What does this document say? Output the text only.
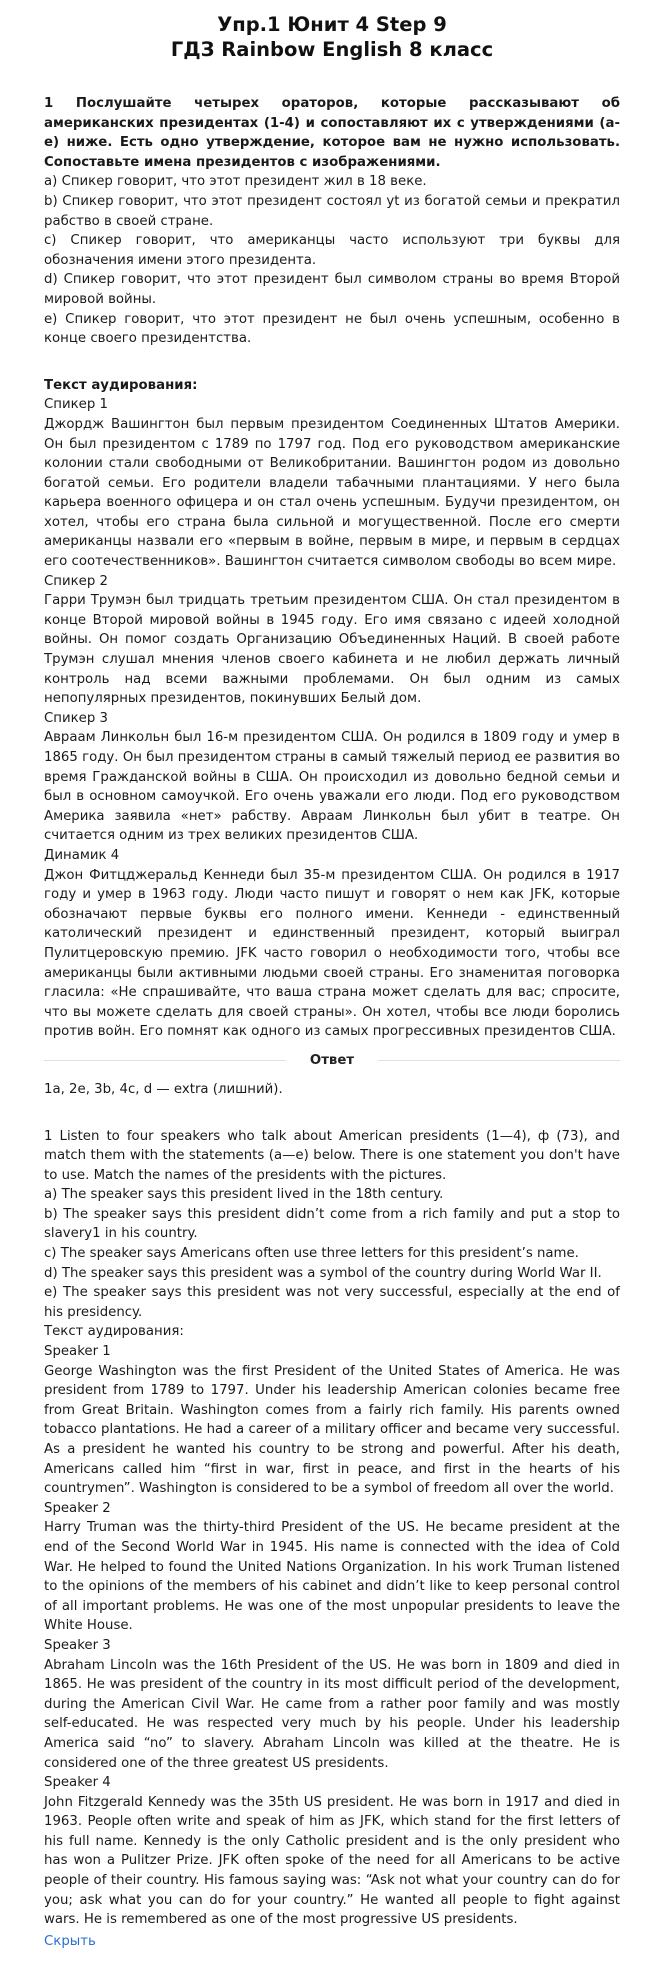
Упр.1 Юнит 4 Step 9
ГДЗ Rainbow English 8 класс

1 Послушайте четырех ораторов, которые рассказывают об американских президентах (1-4) и сопоставляют их с утверждениями (a-e) ниже. Есть одно утверждение, которое вам не нужно использовать. Сопоставьте имена президентов с изображениями.

a) Спикер говорит, что этот президент жил в 18 веке.

b) Спикер говорит, что этот президент состоял yt из богатой семьи и прекратил рабство в своей стране.

c) Спикер говорит, что американцы часто используют три буквы для обозначения имени этого президента.

d) Спикер говорит, что этот президент был символом страны во время Второй мировой войны.

e) Спикер говорит, что этот президент не был очень успешным, особенно в конце своего президентства.

Текст аудирования:

Спикер 1

Джордж Вашингтон был первым президентом Соединенных Штатов Америки. Он был президентом с 1789 по 1797 год. Под его руководством американские колонии стали свободными от Великобритании. Вашингтон родом из довольно богатой семьи. Его родители владели табачными плантациями. У него была карьера военного офицера и он стал очень успешным. Будучи президентом, он хотел, чтобы его страна была сильной и могущественной. После его смерти американцы назвали его «первым в войне, первым в мире, и первым в сердцах его соотечественников». Вашингтон считается символом свободы во всем мире.

Спикер 2

Гарри Трумэн был тридцать третьим президентом США. Он стал президентом в конце Второй мировой войны в 1945 году. Его имя связано с идеей холодной войны. Он помог создать Организацию Объединенных Наций. В своей работе Трумэн слушал мнения членов своего кабинета и не любил держать личный контроль над всеми важными проблемами. Он был одним из самых непопулярных президентов, покинувших Белый дом.

Спикер 3

Авраам Линкольн был 16-м президентом США. Он родился в 1809 году и умер в 1865 году. Он был президентом страны в самый тяжелый период ее развития во время Гражданской войны в США. Он происходил из довольно бедной семьи и был в основном самоучкой. Его очень уважали его люди. Под его руководством Америка заявила «нет» рабству. Авраам Линкольн был убит в театре. Он считается одним из трех великих президентов США.

Динамик 4

Джон Фитцджеральд Кеннеди был 35-м президентом США. Он родился в 1917 году и умер в 1963 году. Люди часто пишут и говорят о нем как JFK, которые обозначают первые буквы его полного имени. Кеннеди - единственный католический президент и единственный президент, который выиграл Пулитцеровскую премию. JFK часто говорил о необходимости того, чтобы все американцы были активными людьми своей страны. Его знаменитая поговорка гласила: «Не спрашивайте, что ваша страна может сделать для вас; спросите, что вы можете сделать для своей страны». Он хотел, чтобы все люди боролись против войн. Его помнят как одного из самых прогрессивных президентов США.

Ответ

1a, 2e, 3b, 4c, d — extra (лишний).

1 Listen to four speakers who talk about American presidents (1—4), ф (73), and match them with the statements (a—e) below. There is one statement you don't have to use. Match the names of the presidents with the pictures.

a) The speaker says this president lived in the 18th century.

b) The speaker says this president didn’t come from a rich family and put a stop to slavery1 in his country.

c) The speaker says Americans often use three letters for this president’s name.

d) The speaker says this president was a symbol of the country during World War II.

e) The speaker says this president was not very successful, especially at the end of his presidency.

Текст аудирования:

Speaker 1

George Washington was the first President of the United States of America. He was president from 1789 to 1797. Under his leadership American colonies became free from Great Britain. Washington comes from a fairly rich family. His parents owned tobacco plantations. He had a career of a military officer and became very successful. As a president he wanted his country to be strong and powerful. After his death, Americans called him “first in war, first in peace, and first in the hearts of his countrymen”. Washington is considered to be a symbol of freedom all over the world.

Speaker 2

Harry Truman was the thirty-third President of the US. He became president at the end of the Second World War in 1945. His name is connected with the idea of Cold War. He helped to found the United Nations Organization. In his work Truman listened to the opinions of the members of his cabinet and didn’t like to keep personal control of all important problems. He was one of the most unpopular presidents to leave the White House.

Speaker 3

Abraham Lincoln was the 16th President of the US. He was born in 1809 and died in 1865. He was president of the country in its most difficult period of the development, during the American Civil War. He came from a rather poor family and was mostly self-educated. He was respected very much by his people. Under his leadership America said “no” to slavery. Abraham Lincoln was killed at the theatre. He is considered one of the three greatest US presidents.

Speaker 4

John Fitzgerald Kennedy was the 35th US president. He was born in 1917 and died in 1963. People often write and speak of him as JFK, which stand for the first letters of his full name. Kennedy is the only Catholic president and is the only president who has won a Pulitzer Prize. JFK often spoke of the need for all Americans to be active people of their country. His famous saying was: “Ask not what your country can do for you; ask what you can do for your country.” He wanted all people to fight against wars. He is remembered as one of the most progressive US presidents.

Скрыть
